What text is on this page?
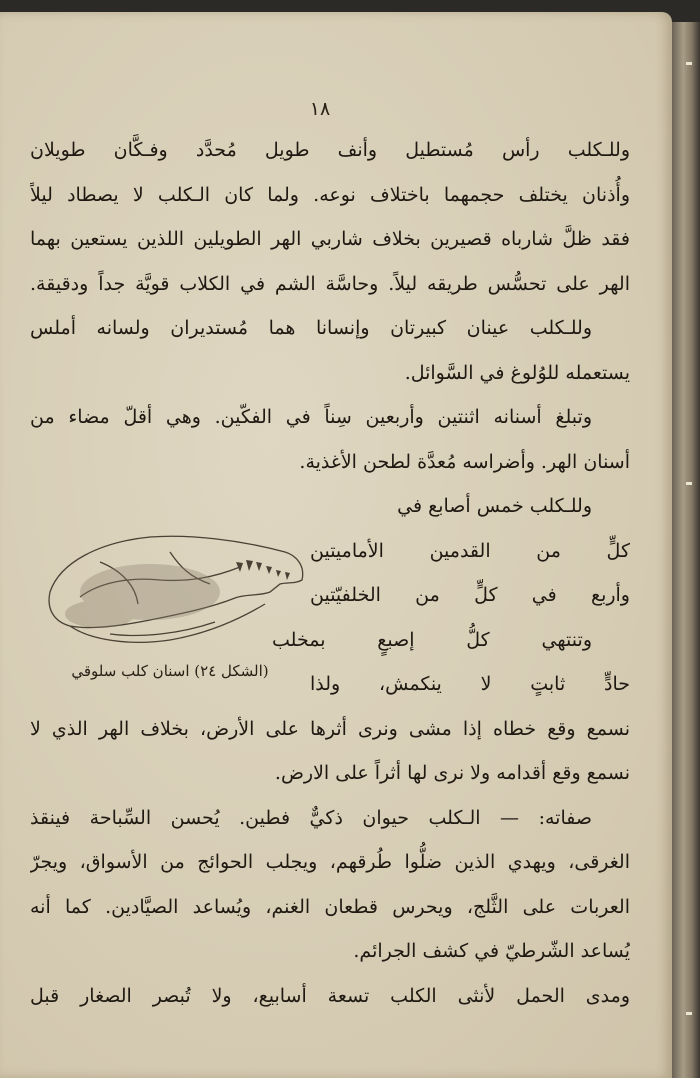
١٨
وللـكلب رأس مُستطيل وأنف طويل مُحدَّد وفـكَّان طويلان
وأُذنان يختلف حجمهما باختلاف نوعه. ولما كان الـكلب لا يصطاد ليلاً
فقد ظلَّ شارباه قصيرين بخلاف شاربي الهر الطويلين اللذين يستعين بهما
الهر على تحسُّس طريقه ليلاً. وحاسَّة الشم في الكلاب قويَّة جداً ودقيقة.
وللـكلب عينان كبيرتان وإنسانا هما مُستديران ولسانه أملس
يستعمله للوُلوغ في السَّوائل.
وتبلغ أسنانه اثنتين وأربعين سِناً في الفكّين. وهي أقلّ مضاء من
أسنان الهر. وأضراسه مُعدَّة لطحن الأغذية.
وللـكلب خمس أصابع في
كلٍّ من القدمين الأماميتين
وأربع في كلٍّ من الخلفيّتين
وتنتهي كلُّ إصبعٍ بمخلب
حادٍّ ثابتٍ لا ينكمش، ولذا
نسمع وقع خطاه إذا مشى ونرى أثرها على الأرض، بخلاف الهر الذي لا
نسمع وقع أقدامه ولا نرى لها أثراً على الارض.
صفاته: — الـكلب حيوان ذكيٌّ فطين. يُحسن السِّباحة فينقذ
الغرقى، ويهدي الذين ضلُّوا طُرقهم، ويجلب الحوائج من الأسواق، ويجرّ
العربات على الثَّلج، ويحرس قطعان الغنم، ويُساعد الصيَّادين. كما أنه
يُساعد الشّرطيّ في كشف الجرائم.
ومدى الحمل لأنثى الكلب تسعة أسابيع، ولا تُبصر الصغار قبل
(الشكل ٢٤) اسنان كلب سلوقي
